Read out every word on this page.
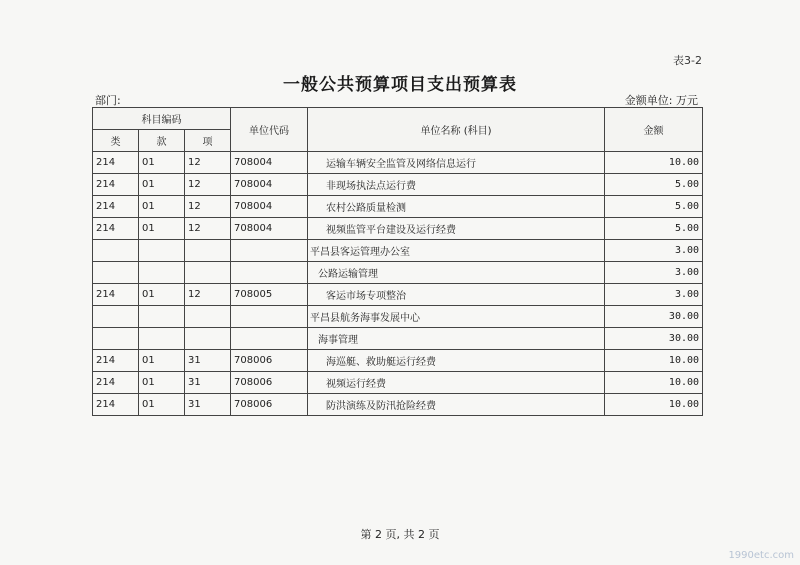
表3-2
一般公共预算项目支出预算表
部门:	金额单位: 万元
科目编码			单位代码	单位名称 (科目)	金额
类	款	项			
214	01	12	708004	运输车辆安全监管及网络信息运行	10.00
214	01	12	708004	非现场执法点运行费	5.00
214	01	12	708004	农村公路质量检测	5.00
214	01	12	708004	视频监管平台建设及运行经费	5.00
				平昌县客运管理办公室	3.00
				公路运输管理	3.00
214	01	12	708005	客运市场专项整治	3.00
				平昌县航务海事发展中心	30.00
				海事管理	30.00
214	01	31	708006	海巡艇、救助艇运行经费	10.00
214	01	31	708006	视频运行经费	10.00
214	01	31	708006	防洪演练及防汛抢险经费	10.00
第 2 页, 共 2 页
1990etc.com
